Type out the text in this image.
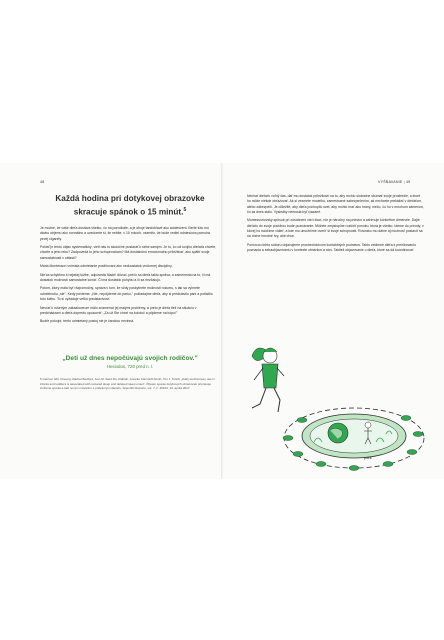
48
Každá hodina pri dotykovej obrazovke
skracuje spánok o 15 minút.$^5$

Je možné, že vaše dieťa dostáva všetko, čo na porodkáte, a je oboje tandohlavé ako adolescent. Berte túto inú dávku objemu ako normálnu a uvedomte si, že nebite, v 10 rokoch, osemito, že bude vediel odnieslova pomoha pevej cigarety.

Pokiaľ je tento objav systematický, vieti nás to skutočne postarať k sebe samým. Je to, čo od svojho dieťaťa chcete, chcete a jeho reku? Zadpovedá to jeho schopnostiam? Má dostatočnú emocionálnu príležitosť, ako spätiť svoje samostatnosti v oblasti?

Mária Montessori vnímala odmietanie posilňovaní ako neduostatok vnútornej disciplíny.

Nie'za schylému k nejakej túžbe, odpovedá hlade! dôvod, prečo sa dieťa takto správa, a zamenenia na to, či má dostatok možností samostatne konať. Či má dostatok pohybu a či sa nezčalujú.

Potom, ktorý mála byť rázpomočný, správa v tom, že vždy poskytnete možnosti rozumu, s tak sa vyhnete odmietnutiu „nie". Kedy povieme: „Nie, nepôjdeme do parku," požiadajme dieťa, aby si predstavilo park a potlačilo túto túžbu. To si vyžaduje veľkú predstavivosť.

Nevrať k rušeným zákazkoveom málo znamenať jej malými problémy, a preto je dieťa tiež na situáciu v predchádzaní a dieťa dopredu upozorniť: „Za už Ste chcel na kolotoč a pôjdeme na kópu!"

Budťe pokojní, tento odmietaný postoj nie je čarokou nevinná.

„Deti už dnes nepočúvajú svojich rodičov."
Hesiodos, 720 pred n. l.
5 Catzner HM, Cheung, Rachel Bedford, Ivan M. Saez De Urabain, Annette Karmiloff-Smith, Tim J. Smith: „Daily touchscreen use in infants and toddlers is associated with reduced sleep and delayed sleep onset". Ôbeam spanie dotykových obrazoviek pripravuje zníženie spania a tadi novým mávaním s pridelenými dieťaťu. Scientific Reports, vol. 7, č. 46104, 13. apríla 2017.
VYŠŇAVANIE | 49

Nechať dieťaťu voľný čas, dať mu dostatok príležitostí na to, aby mohlo slobodne skúmať svoje prostredie, a ktoré ho môže niekde obťažovať. Ak si vezmete modelku, zamestnané zabezpečením, ak nechcete prekážať v dieťaťom, alebo zabezpečí. Je dôležité, aby dieťa pochopilo svet, aby mohlo hrať ako hrany, niečo, čo ho v mnohom zámerom, čo sa dnes stalo. Výsledky nemusia byť viazané.

Montessoriovský spôsob pri zosobnení vieri žiací, nie je náročný na priestor a zahrnuje konkrétne dimenzie. Dajte dieťaťu do svoje podobou bude poznávanie. Môžete zmysluplne rozšíriť ponuku, ktorá je všetko. Ideme do prírody, v ktorej ho naučíme vidieť, a kde mu umožníme overiť si svoje schopnosti. Rovnako mu dáme aj možnosť postaviť sa na rôzne hmotné hry, aké chce.

Pomocou tohto súboru objavujeme prostredníctvom kontaktných podnetov. Takto vedieme dieťa k prehlbovaniu poznania a sebaobjavovaniu v kontexte obrázkov a slov. Taktiež objavovanie o dieťa, ktoré sa dá koordinovať.

park
